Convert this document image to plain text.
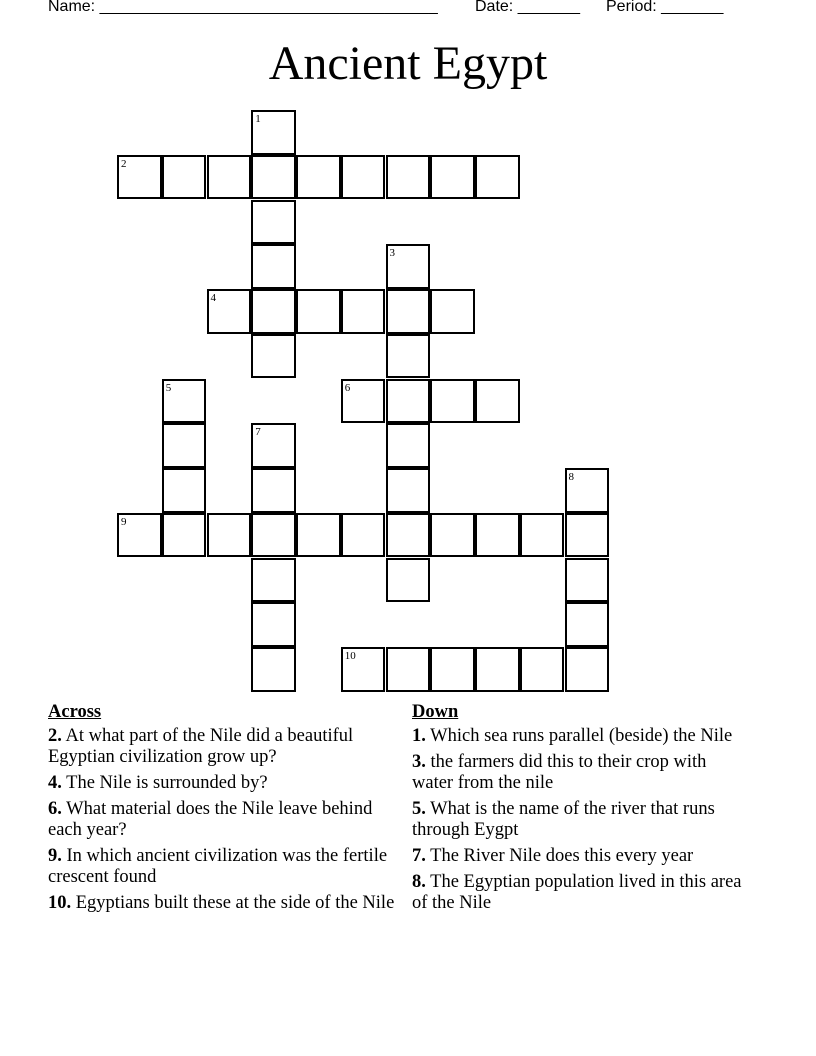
Name: ______________________________________ Date: _______ Period: _______
Ancient Egypt
1
2
3
4
5	6
7
8
9
10
Across
2. At what part of the Nile did a beautiful Egyptian civilization grow up?
4. The Nile is surrounded by?
6. What material does the Nile leave behind each year?
9. In which ancient civilization was the fertile crescent found
10. Egyptians built these at the side of the Nile
Down
1. Which sea runs parallel (beside) the Nile
3. the farmers did this to their crop with water from the nile
5. What is the name of the river that runs through Eygpt
7. The River Nile does this every year
8. The Egyptian population lived in this area of the Nile
